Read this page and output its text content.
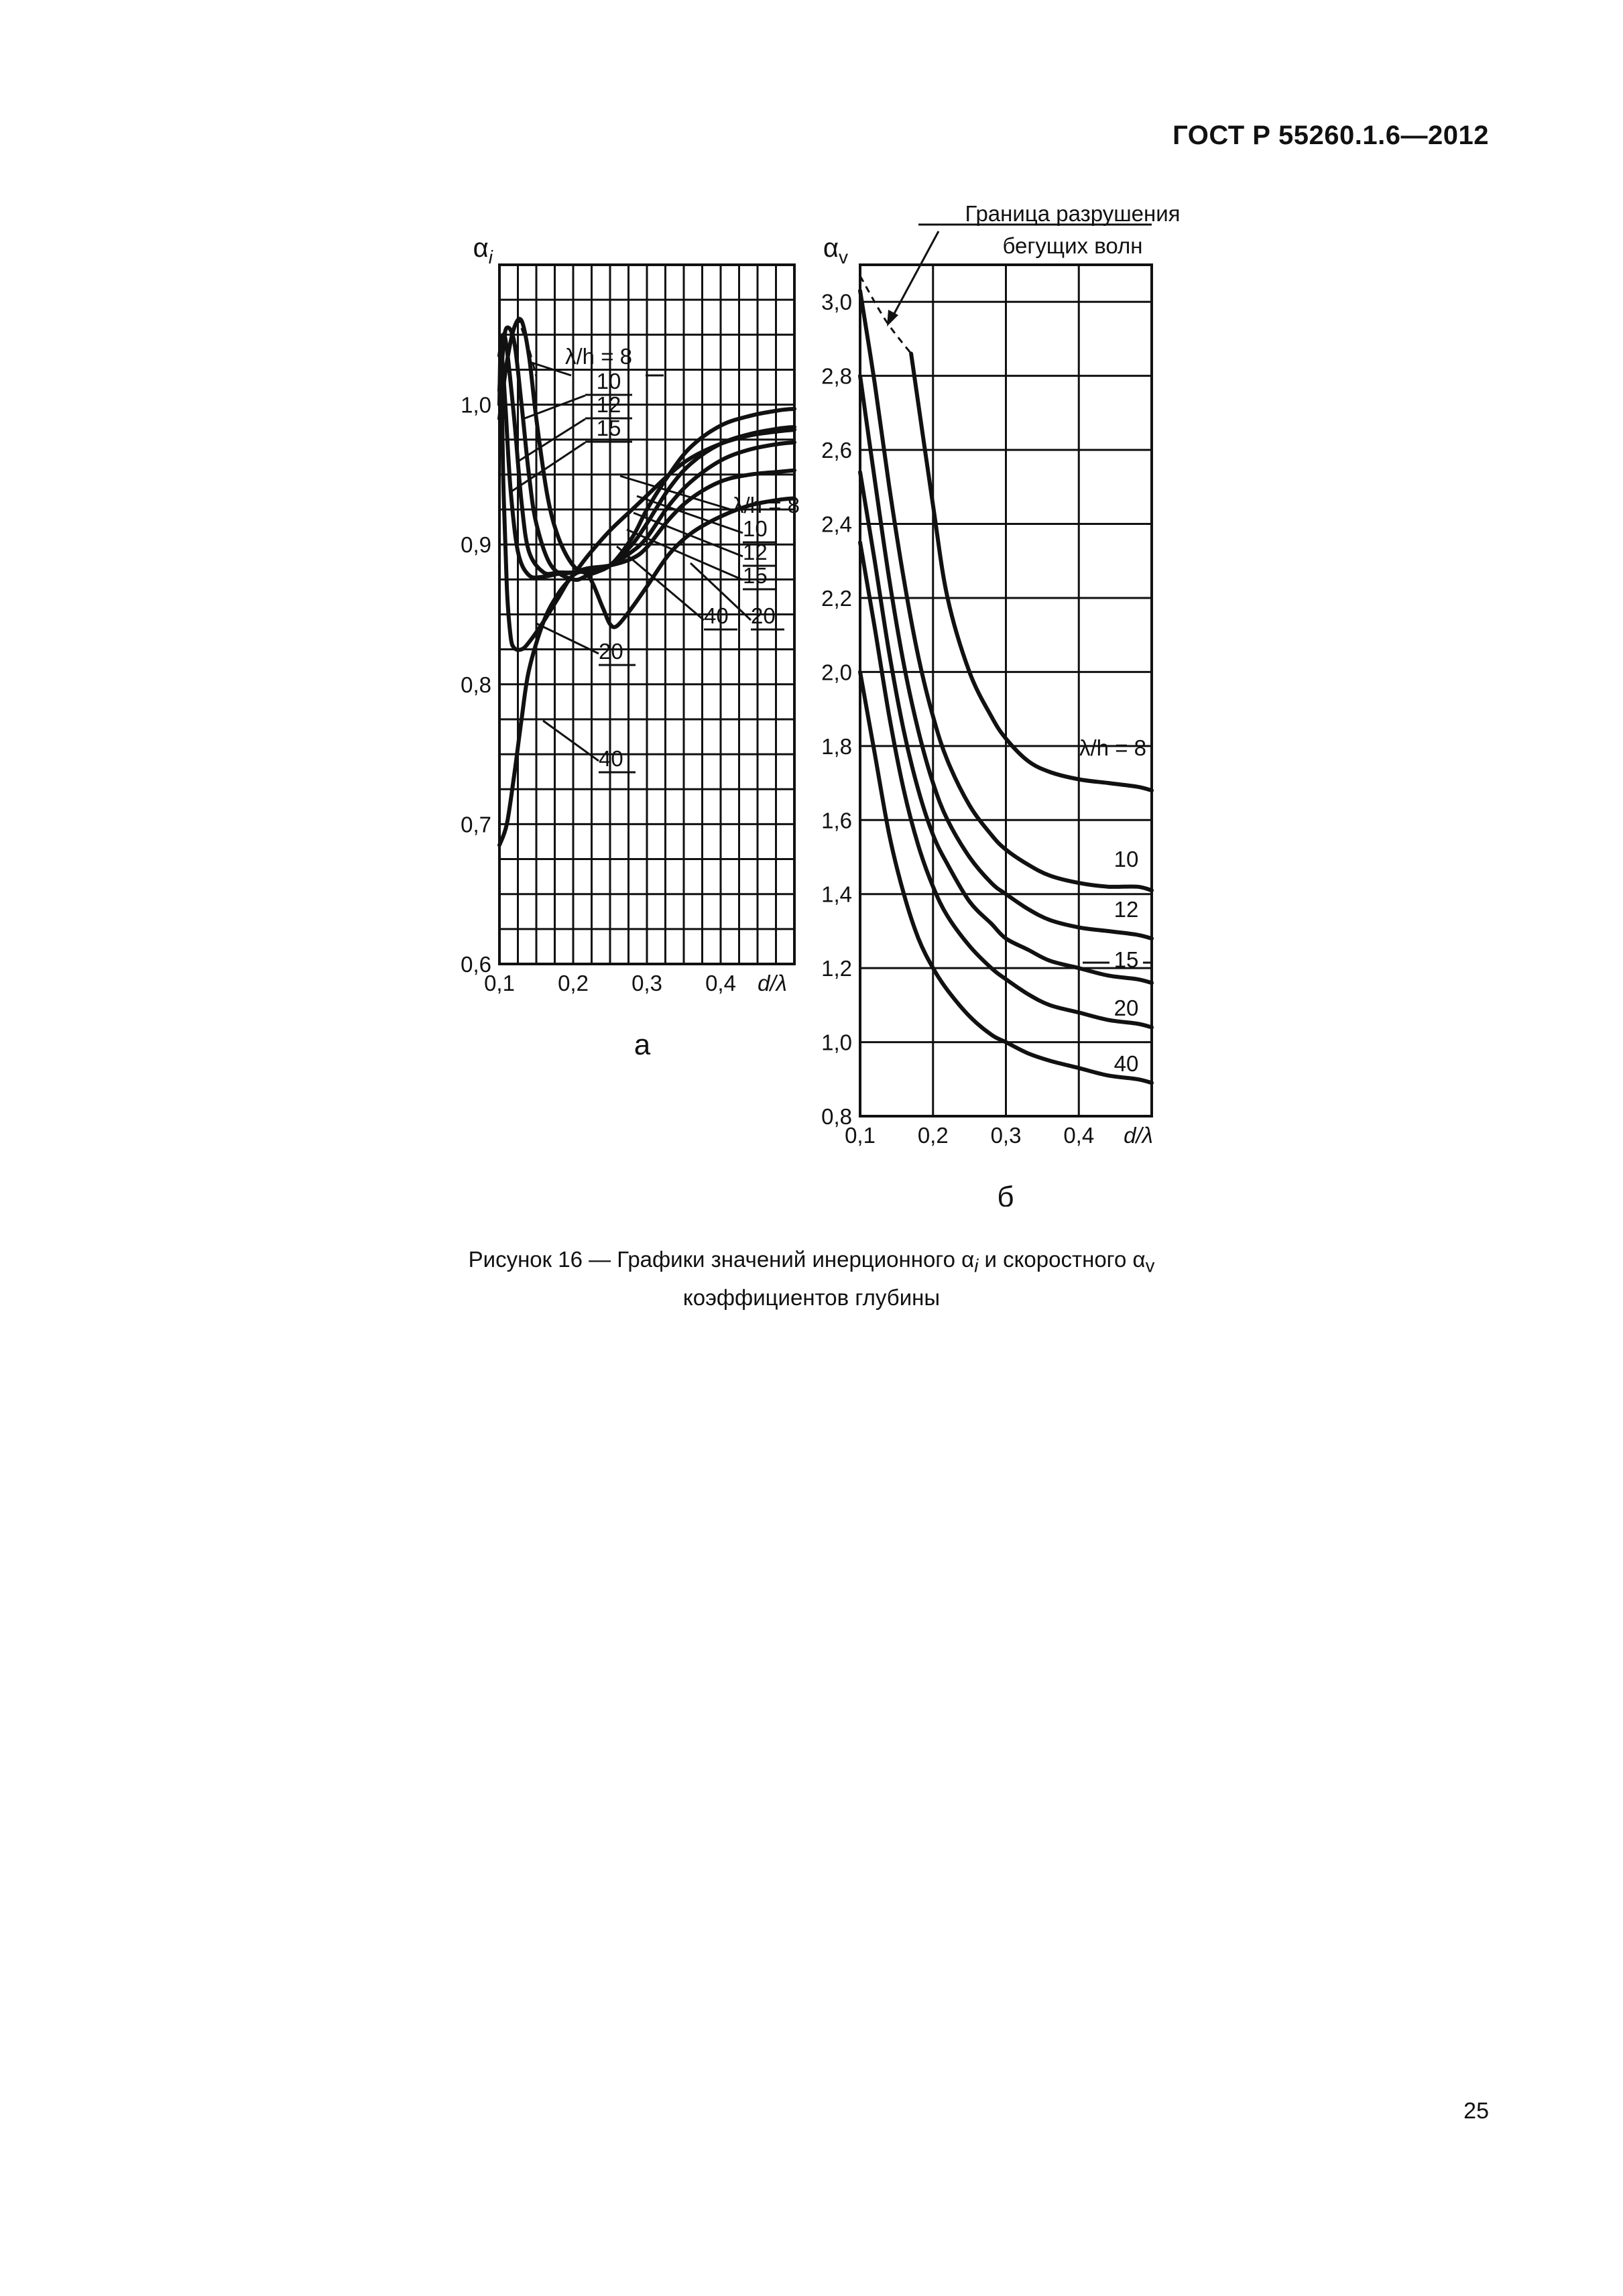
ГОСТ Р 55260.1.6—2012
0,6
0,7
0,8
0,9
1,0
0,1 0,2 0,3 0,4 d/λ
$\alpha_i$
а
λ/h = 8
10
12
15
λ/h = 8
10
12
15
40 20
20
40
0,8
1,0
1,2
1,4
1,6
1,8
2,0
2,2
2,4
2,6
2,8
3,0
0,1 0,2 0,3 0,4 d/λ
$\alpha_v$
б
Граница разрушения
бегущих волн
λ/h = 8
10
12
15
20
40
Рисунок 16 — Графики значений инерционного $\alpha_i$ и скоростного $\alpha_v$
коэффициентов глубины
25
